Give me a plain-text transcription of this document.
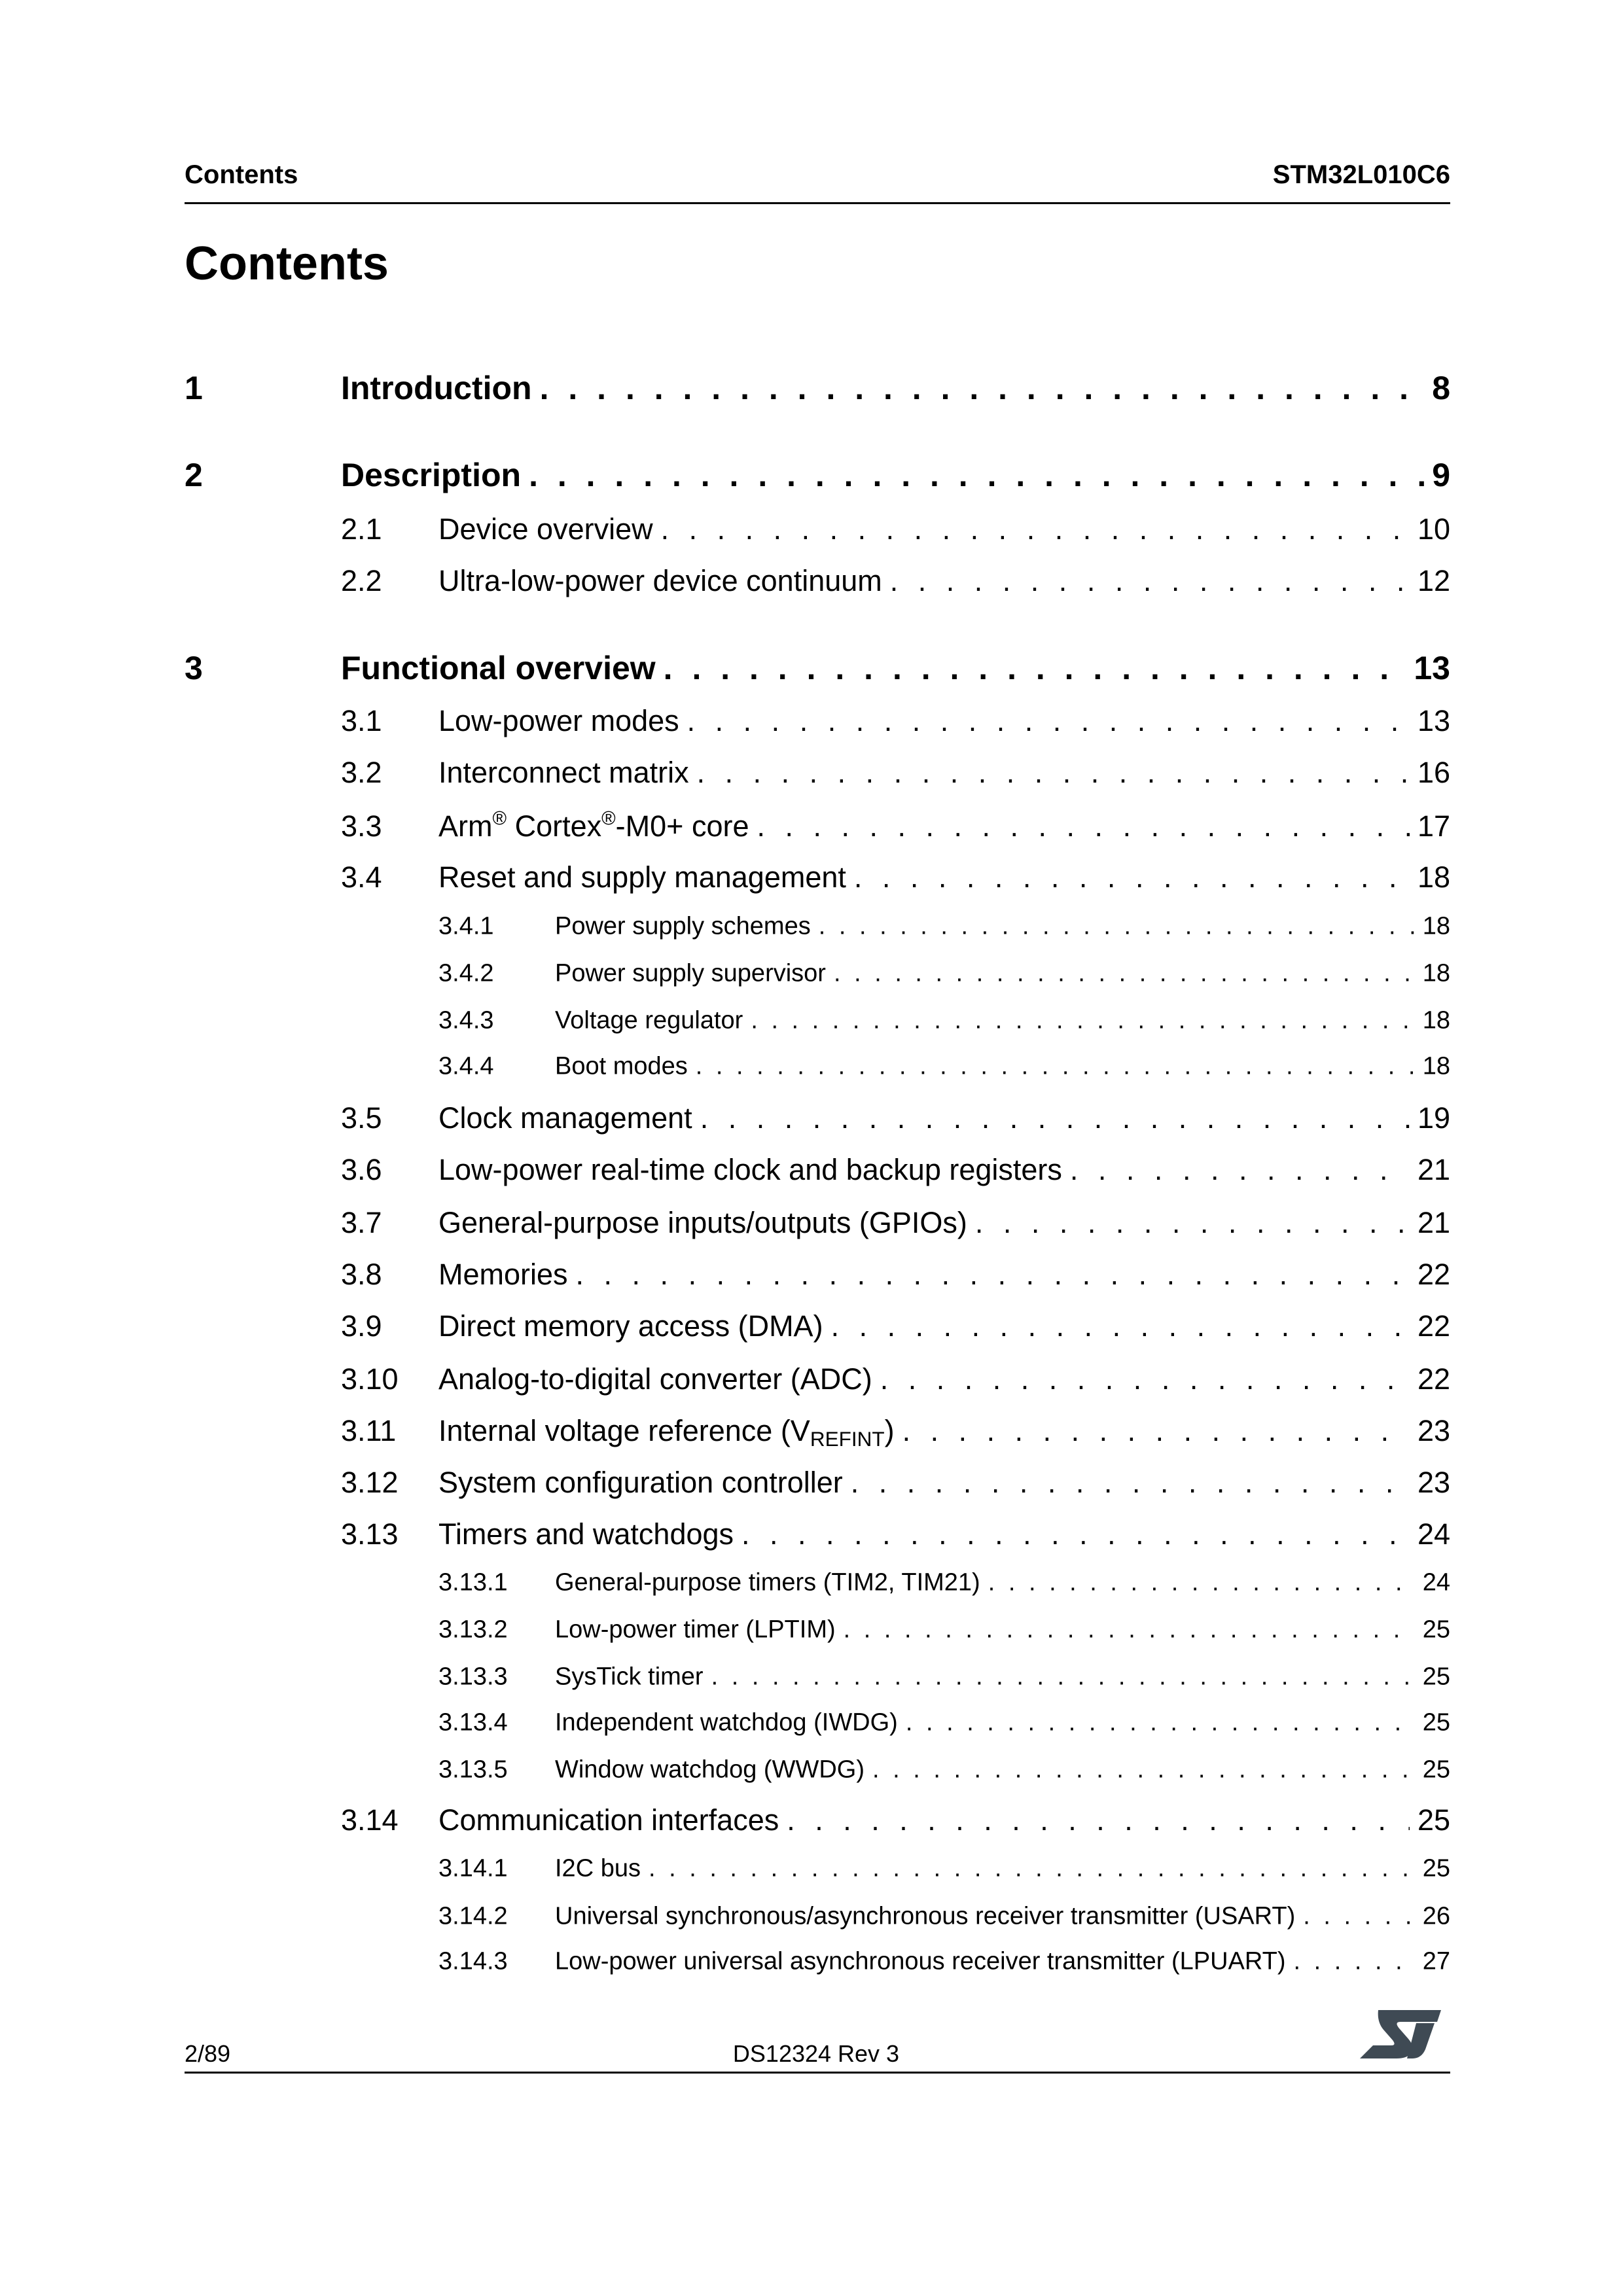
Contents	STM32L010C6
Contents
1	Introduction . . .	8
2	Description . . .	9
2.1	Device overview . . .	10
2.2	Ultra-low-power device continuum . . .	12
3	Functional overview . . .	13
3.1	Low-power modes . . .	13
3.2	Interconnect matrix . . .	16
3.3	Arm® Cortex®-M0+ core . . .	17
3.4	Reset and supply management . . .	18
3.4.1	Power supply schemes . . .	18
3.4.2	Power supply supervisor . . .	18
3.4.3	Voltage regulator . . .	18
3.4.4	Boot modes . . .	18
3.5	Clock management . . .	19
3.6	Low-power real-time clock and backup registers . . .	21
3.7	General-purpose inputs/outputs (GPIOs) . . .	21
3.8	Memories . . .	22
3.9	Direct memory access (DMA) . . .	22
3.10	Analog-to-digital converter (ADC) . . .	22
3.11	Internal voltage reference $(V_{REFINT})$ . . .	23
3.12	System configuration controller . . .	23
3.13	Timers and watchdogs . . .	24
3.13.1	General-purpose timers (TIM2, TIM21) . . .	24
3.13.2	Low-power timer (LPTIM) . . .	25
3.13.3	SysTick timer . . .	25
3.13.4	Independent watchdog (IWDG) . . .	25
3.13.5	Window watchdog (WWDG) . . .	25
3.14	Communication interfaces . . .	25
3.14.1	I2C bus . . .	25
3.14.2	Universal synchronous/asynchronous receiver transmitter (USART) . . .	26
3.14.3	Low-power universal asynchronous receiver transmitter (LPUART) . . .	27
2/89	DS12324 Rev 3
